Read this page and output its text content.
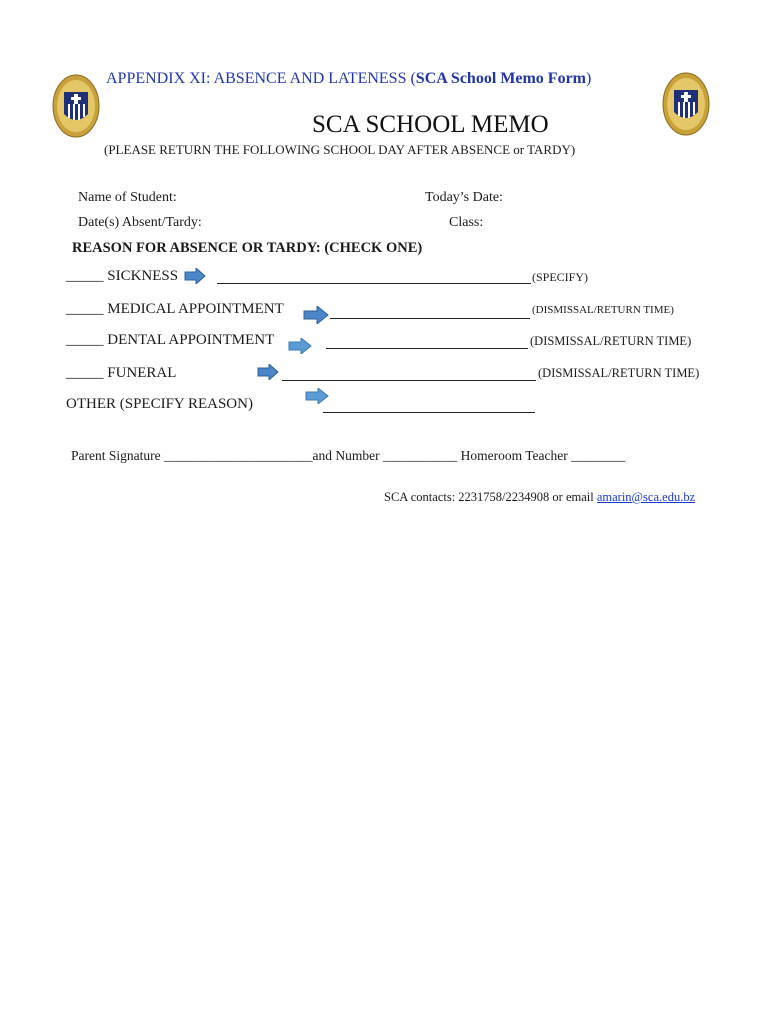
APPENDIX XI: ABSENCE AND LATENESS (SCA School Memo Form)
SCA SCHOOL MEMO
(PLEASE RETURN THE FOLLOWING SCHOOL DAY AFTER ABSENCE or TARDY)
Name of Student:	Today’s Date:
Date(s) Absent/Tardy:	Class:
REASON FOR ABSENCE OR TARDY: (CHECK ONE)
_____ SICKNESS	(SPECIFY)
_____ MEDICAL APPOINTMENT	(DISMISSAL/RETURN TIME)
_____ DENTAL APPOINTMENT	(DISMISSAL/RETURN TIME)
_____ FUNERAL	(DISMISSAL/RETURN TIME)
OTHER (SPECIFY REASON)
Parent Signature ______________________and Number ___________ Homeroom Teacher ________
SCA contacts: 2231758/2234908 or email amarin@sca.edu.bz
